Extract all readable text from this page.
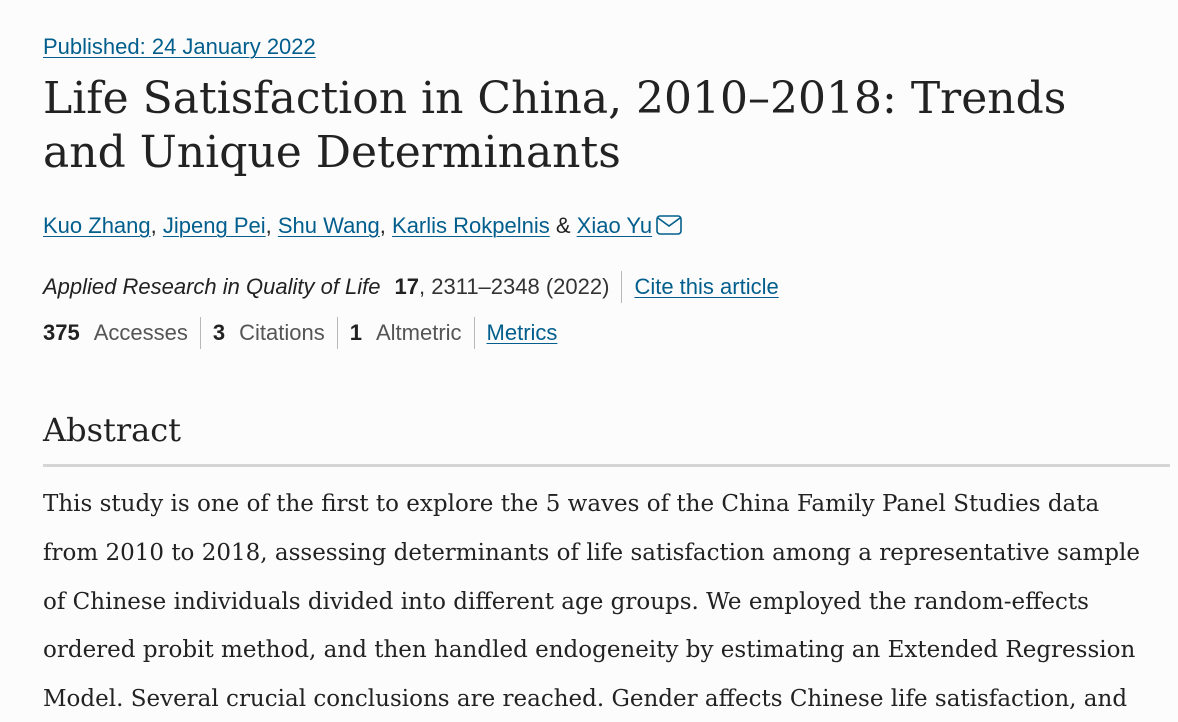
Published: 24 January 2022
Life Satisfaction in China, 2010–2018: Trends and Unique Determinants
Kuo Zhang, Jipeng Pei, Shu Wang, Karlis Rokpelnis & Xiao Yu
Applied Research in Quality of Life 17 , 2311–2348 (2022) Cite this article
375 Accesses 3 Citations 1 Altmetric Metrics
Abstract

This study is one of the first to explore the 5 waves of the China Family Panel Studies data
from 2010 to 2018, assessing determinants of life satisfaction among a representative sample
of Chinese individuals divided into different age groups. We employed the random-effects
ordered probit method, and then handled endogeneity by estimating an Extended Regression
Model. Several crucial conclusions are reached. Gender affects Chinese life satisfaction, and
